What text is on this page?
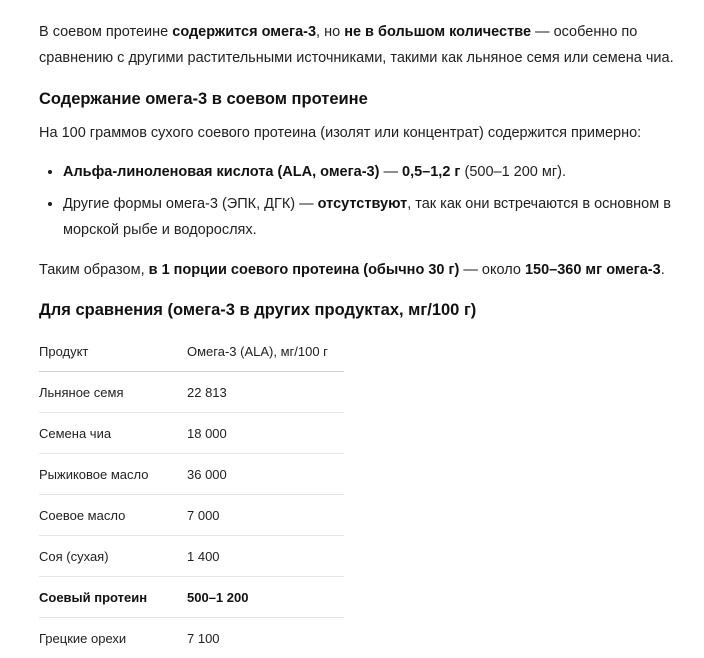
В соевом протеине содержится омега-3, но не в большом количестве — особенно по сравнению с другими растительными источниками, такими как льняное семя или семена чиа.

Содержание омега-3 в соевом протеине

На 100 граммов сухого соевого протеина (изолят или концентрат) содержится примерно:

• Альфа-линоленовая кислота (ALA, омега-3) — 0,5–1,2 г (500–1 200 мг).
• Другие формы омега-3 (ЭПК, ДГК) — отсутствуют, так как они встречаются в основном в морской рыбе и водорослях.

Таким образом, в 1 порции соевого протеина (обычно 30 г) — около 150–360 мг омега-3.

Для сравнения (омега-3 в других продуктах, мг/100 г)
Продукт	Омега-3 (ALA), мг/100 г
Льняное семя	22 813
Семена чиа	18 000
Рыжиковое масло	36 000
Соевое масло	7 000
Соя (сухая)	1 400
Соевый протеин	500–1 200
Грецкие орехи	7 100
